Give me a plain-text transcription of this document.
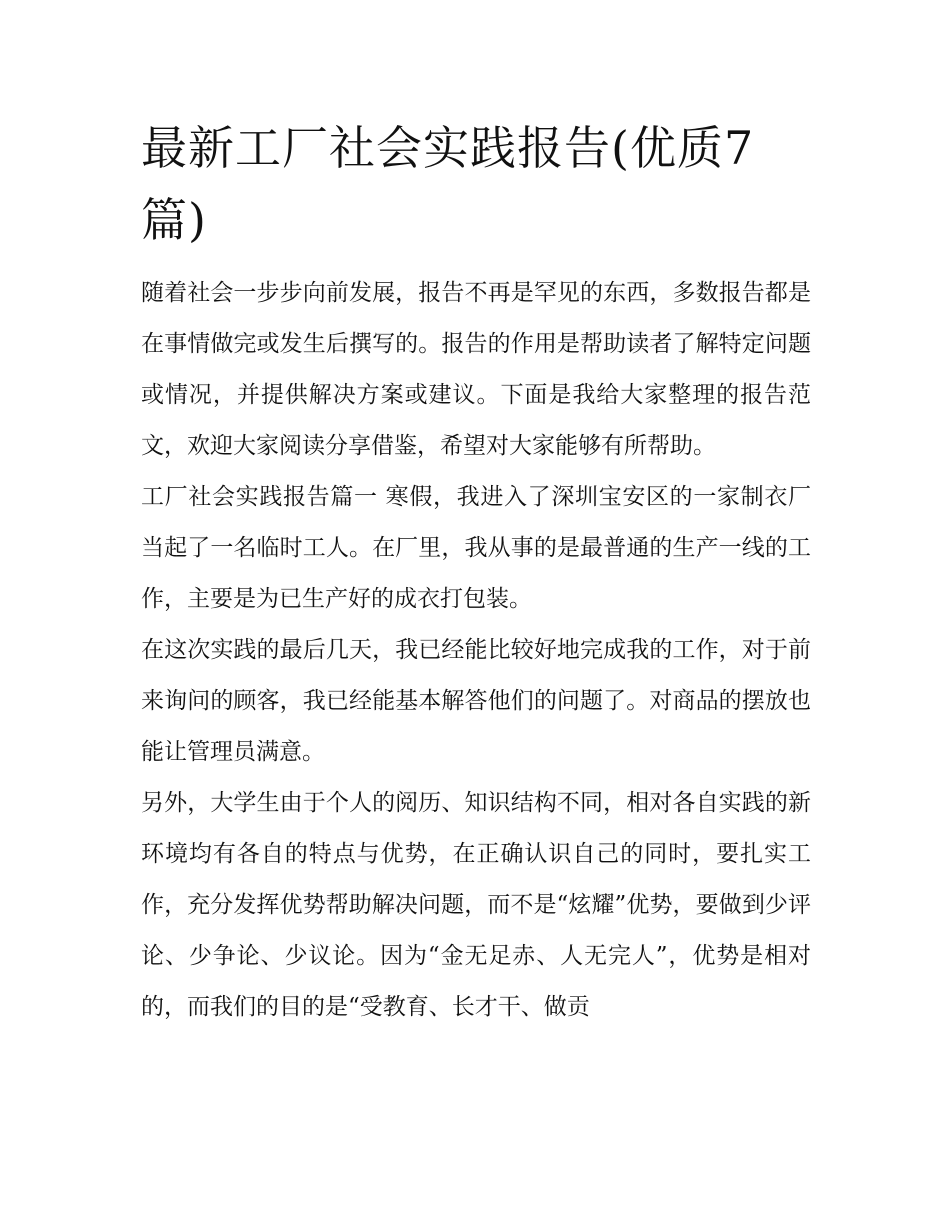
最新工厂社会实践报告(优质7篇)

随着社会一步步向前发展，报告不再是罕见的东西，多数报告都是在事情做完或发生后撰写的。报告的作用是帮助读者了解特定问题或情况，并提供解决方案或建议。下面是我给大家整理的报告范文，欢迎大家阅读分享借鉴，希望对大家能够有所帮助。

工厂社会实践报告篇一 寒假，我进入了深圳宝安区的一家制衣厂当起了一名临时工人。在厂里，我从事的是最普通的生产一线的工作，主要是为已生产好的成衣打包装。

在这次实践的最后几天，我已经能比较好地完成我的工作，对于前来询问的顾客，我已经能基本解答他们的问题了。对商品的摆放也能让管理员满意。

另外，大学生由于个人的阅历、知识结构不同，相对各自实践的新环境均有各自的特点与优势，在正确认识自己的同时，要扎实工作，充分发挥优势帮助解决问题，而不是“炫耀”优势，要做到少评论、少争论、少议论。因为“金无足赤、人无完人”，优势是相对的，而我们的目的是“受教育、长才干、做贡
